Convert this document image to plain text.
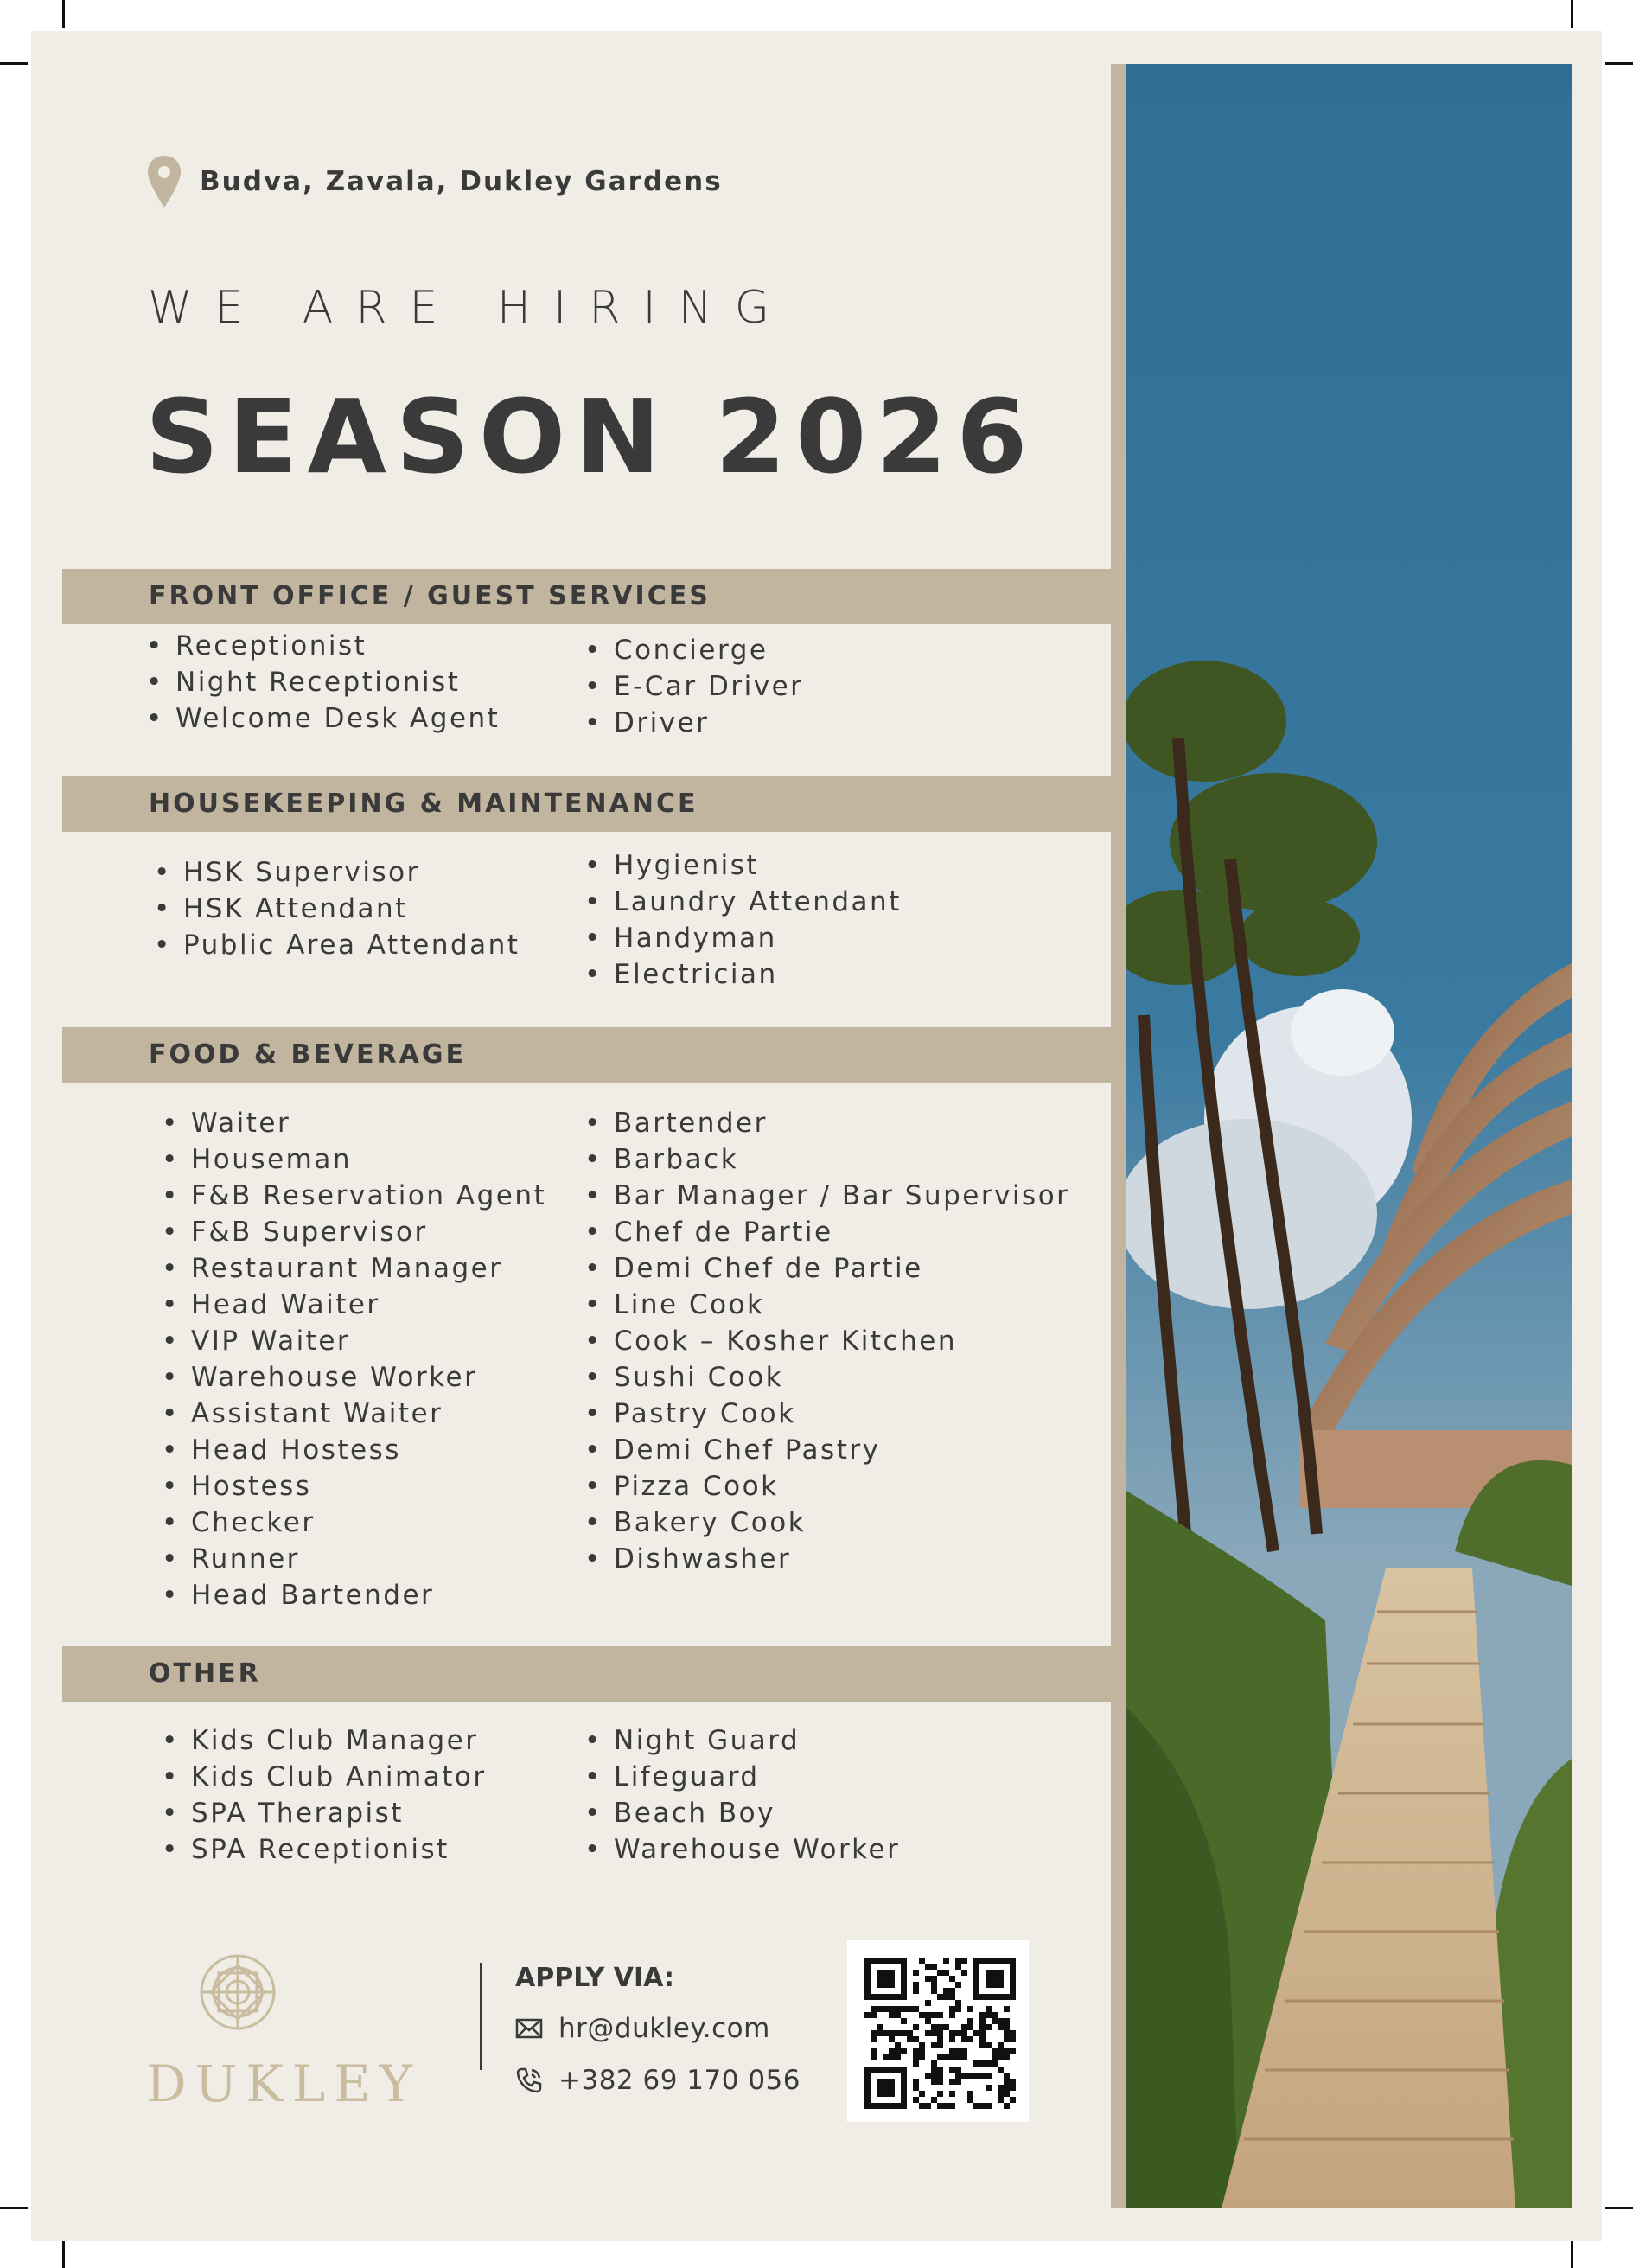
Budva, Zavala, Dukley Gardens
WE ARE HIRING
SEASON 2026
FRONT OFFICE / GUEST SERVICES
• Receptionist
• Night Receptionist
• Welcome Desk Agent
• Concierge
• E-Car Driver
• Driver
HOUSEKEEPING & MAINTENANCE
• HSK Supervisor
• HSK Attendant
• Public Area Attendant
• Hygienist
• Laundry Attendant
• Handyman
• Electrician
FOOD & BEVERAGE
• Waiter
• Houseman
• F&B Reservation Agent
• F&B Supervisor
• Restaurant Manager
• Head Waiter
• VIP Waiter
• Warehouse Worker
• Assistant Waiter
• Head Hostess
• Hostess
• Checker
• Runner
• Head Bartender
• Bartender
• Barback
• Bar Manager / Bar Supervisor
• Chef de Partie
• Demi Chef de Partie
• Line Cook
• Cook – Kosher Kitchen
• Sushi Cook
• Pastry Cook
• Demi Chef Pastry
• Pizza Cook
• Bakery Cook
• Dishwasher
OTHER
• Kids Club Manager
• Kids Club Animator
• SPA Therapist
• SPA Receptionist
• Night Guard
• Lifeguard
• Beach Boy
• Warehouse Worker
DUKLEY
APPLY VIA:
hr@dukley.com
+382 69 170 056
